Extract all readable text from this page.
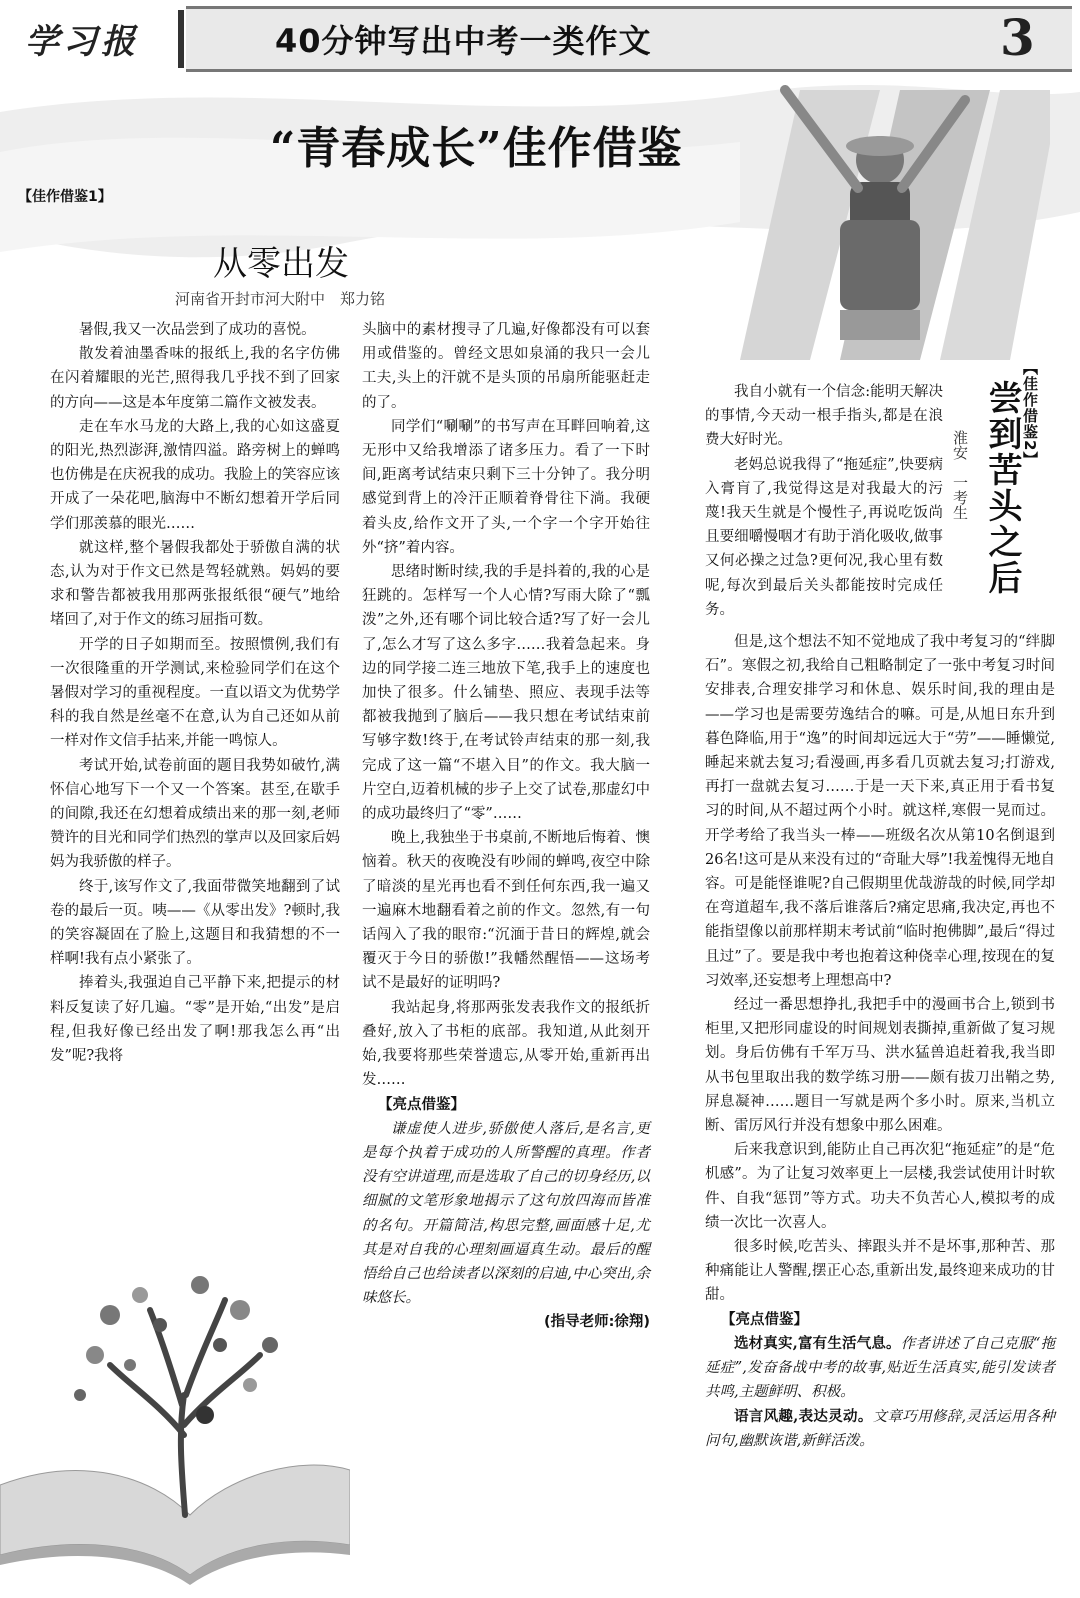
学习报	40分钟写出中考一类作文	3
“青春成长”佳作借鉴
【佳作借鉴1】
从零出发
河南省开封市河大附中　郑力铭

暑假,我又一次品尝到了成功的喜悦。

散发着油墨香味的报纸上,我的名字仿佛在闪着耀眼的光芒,照得我几乎找不到了回家的方向——这是本年度第二篇作文被发表。

走在车水马龙的大路上,我的心如这盛夏的阳光,热烈澎湃,激情四溢。路旁树上的蝉鸣也仿佛是在庆祝我的成功。我脸上的笑容应该开成了一朵花吧,脑海中不断幻想着开学后同学们那羡慕的眼光……

就这样,整个暑假我都处于骄傲自满的状态,认为对于作文已然是驾轻就熟。妈妈的要求和警告都被我用那两张报纸很“硬气”地给堵回了,对于作文的练习屈指可数。

开学的日子如期而至。按照惯例,我们有一次很隆重的开学测试,来检验同学们在这个暑假对学习的重视程度。一直以语文为优势学科的我自然是丝毫不在意,认为自己还如从前一样对作文信手拈来,并能一鸣惊人。

考试开始,试卷前面的题目我势如破竹,满怀信心地写下一个又一个答案。甚至,在歇手的间隙,我还在幻想着成绩出来的那一刻,老师赞许的目光和同学们热烈的掌声以及回家后妈妈为我骄傲的样子。

终于,该写作文了,我面带微笑地翻到了试卷的最后一页。咦——《从零出发》?顿时,我的笑容凝固在了脸上,这题目和我猜想的不一样啊!我有点小紧张了。

捧着头,我强迫自己平静下来,把提示的材料反复读了好几遍。“零”是开始,“出发”是启程,但我好像已经出发了啊!那我怎么再“出发”呢?我将

头脑中的素材搜寻了几遍,好像都没有可以套用或借鉴的。曾经文思如泉涌的我只一会儿工夫,头上的汗就不是头顶的吊扇所能驱赶走的了。

同学们“唰唰”的书写声在耳畔回响着,这无形中又给我增添了诸多压力。看了一下时间,距离考试结束只剩下三十分钟了。我分明感觉到背上的冷汗正顺着脊骨往下淌。我硬着头皮,给作文开了头,一个字一个字开始往外“挤”着内容。

思绪时断时续,我的手是抖着的,我的心是狂跳的。怎样写一个人心情?写雨大除了“瓢泼”之外,还有哪个词比较合适?写了好一会儿了,怎么才写了这么多字……我着急起来。身边的同学接二连三地放下笔,我手上的速度也加快了很多。什么铺垫、照应、表现手法等都被我抛到了脑后——我只想在考试结束前写够字数!终于,在考试铃声结束的那一刻,我完成了这一篇“不堪入目”的作文。我大脑一片空白,迈着机械的步子上交了试卷,那虚幻中的成功最终归了“零”……

晚上,我独坐于书桌前,不断地后悔着、懊恼着。秋天的夜晚没有吵闹的蝉鸣,夜空中除了暗淡的星光再也看不到任何东西,我一遍又一遍麻木地翻看着之前的作文。忽然,有一句话闯入了我的眼帘:“沉湎于昔日的辉煌,就会覆灭于今日的骄傲!”我幡然醒悟——这场考试不是最好的证明吗?

我站起身,将那两张发表我作文的报纸折叠好,放入了书柜的底部。我知道,从此刻开始,我要将那些荣誉遗忘,从零开始,重新再出发……

【亮点借鉴】

谦虚使人进步,骄傲使人落后,是名言,更是每个执着于成功的人所警醒的真理。作者没有空讲道理,而是选取了自己的切身经历,以细腻的文笔形象地揭示了这句放四海而皆准的名句。开篇简洁,构思完整,画面感十足,尤其是对自我的心理刻画逼真生动。最后的醒悟给自己也给读者以深刻的启迪,中心突出,余味悠长。

(指导老师:徐翔)

【佳作借鉴2】
尝到苦头之后
淮安　一考生

我自小就有一个信念:能明天解决的事情,今天动一根手指头,都是在浪费大好时光。

老妈总说我得了“拖延症”,快要病入膏肓了,我觉得这是对我最大的污蔑!我天生就是个慢性子,再说吃饭尚且要细嚼慢咽才有助于消化吸收,做事又何必操之过急?更何况,我心里有数呢,每次到最后关头都能按时完成任务。

但是,这个想法不知不觉地成了我中考复习的“绊脚石”。寒假之初,我给自己粗略制定了一张中考复习时间安排表,合理安排学习和休息、娱乐时间,我的理由是——学习也是需要劳逸结合的嘛。可是,从旭日东升到暮色降临,用于“逸”的时间却远远大于“劳”——睡懒觉,睡起来就去复习;看漫画,再多看几页就去复习;打游戏,再打一盘就去复习……于是一天下来,真正用于看书复习的时间,从不超过两个小时。就这样,寒假一晃而过。开学考给了我当头一棒——班级名次从第10名倒退到26名!这可是从来没有过的“奇耻大辱”!我羞愧得无地自容。可是能怪谁呢?自己假期里优哉游哉的时候,同学却在弯道超车,我不落后谁落后?痛定思痛,我决定,再也不能指望像以前那样期末考试前“临时抱佛脚”,最后“得过且过”了。要是我中考也抱着这种侥幸心理,按现在的复习效率,还妄想考上理想高中?

经过一番思想挣扎,我把手中的漫画书合上,锁到书柜里,又把形同虚设的时间规划表撕掉,重新做了复习规划。身后仿佛有千军万马、洪水猛兽追赶着我,我当即从书包里取出我的数学练习册——颇有拔刀出鞘之势,屏息凝神……题目一写就是两个多小时。原来,当机立断、雷厉风行并没有想象中那么困难。

后来我意识到,能防止自己再次犯“拖延症”的是“危机感”。为了让复习效率更上一层楼,我尝试使用计时软件、自我“惩罚”等方式。功夫不负苦心人,模拟考的成绩一次比一次喜人。

很多时候,吃苦头、摔跟头并不是坏事,那种苦、那种痛能让人警醒,摆正心态,重新出发,最终迎来成功的甘甜。

【亮点借鉴】

选材真实,富有生活气息。作者讲述了自己克服“拖延症”,发奋备战中考的故事,贴近生活真实,能引发读者共鸣,主题鲜明、积极。

语言风趣,表达灵动。文章巧用修辞,灵活运用各种问句,幽默诙谐,新鲜活泼。
